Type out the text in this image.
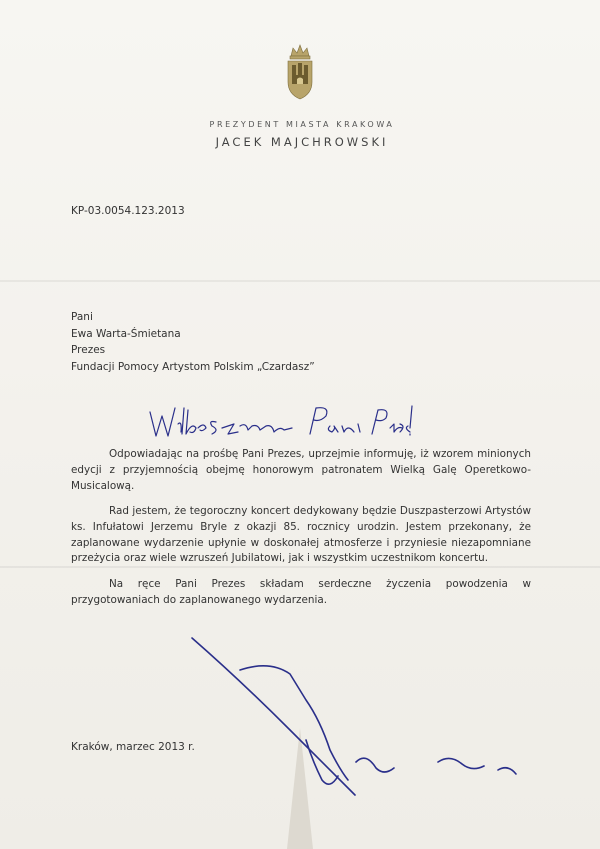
PREZYDENT MIASTA KRAKOWA
JACEK MAJCHROWSKI
KP-03.0054.123.2013
Pani
Ewa Warta-Śmietana
Prezes
Fundacji Pomocy Artystom Polskim „Czardasz”

Odpowiadając na prośbę Pani Prezes, uprzejmie informuję, iż wzorem minionych edycji z przyjemnością obejmę honorowym patronatem Wielką Galę Operetkowo-Musicalową.

Rad jestem, że tegoroczny koncert dedykowany będzie Duszpasterzowi Artystów ks. Infułatowi Jerzemu Bryle z okazji 85. rocznicy urodzin. Jestem przekonany, że zaplanowane wydarzenie upłynie w doskonałej atmosferze i przyniesie niezapomniane przeżycia oraz wiele wzruszeń Jubilatowi, jak i wszystkim uczestnikom koncertu.

Na ręce Pani Prezes składam serdeczne życzenia powodzenia w przygotowaniach do zaplanowanego wydarzenia.

Kraków, marzec 2013 r.
